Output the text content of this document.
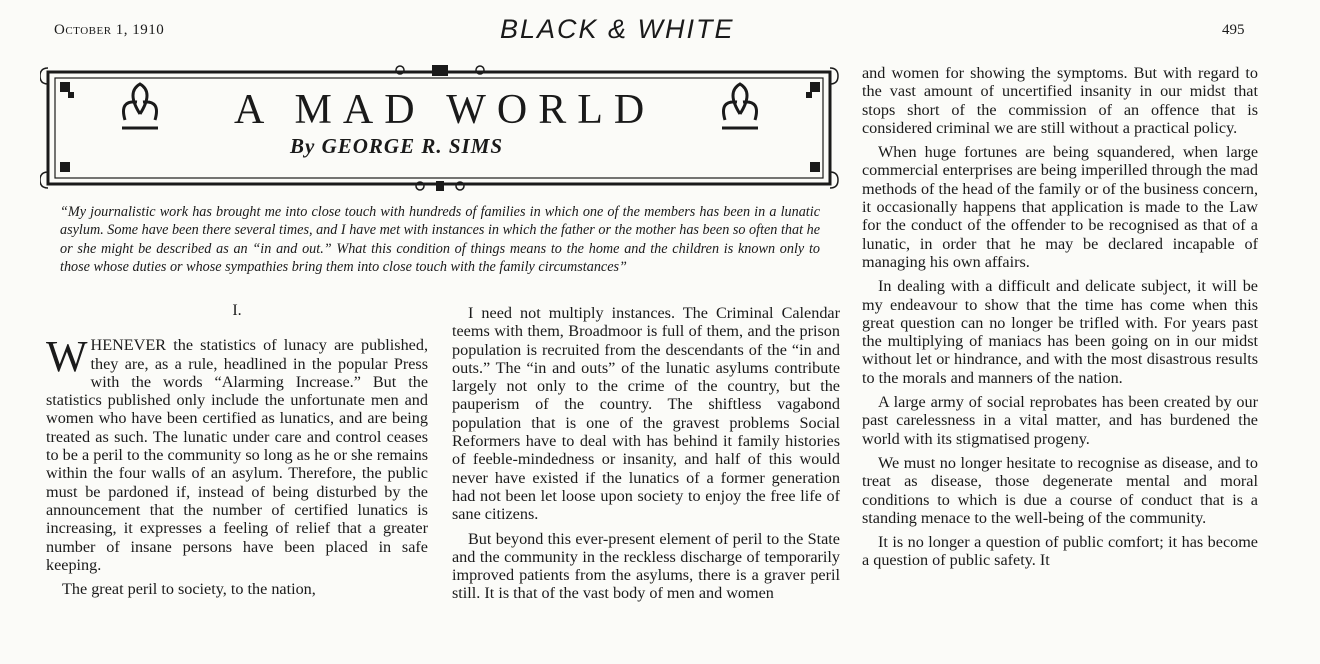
October 1, 1910	BLACK & WHITE	495
A MAD WORLD
By GEORGE R. SIMS

“My journalistic work has brought me into close touch with hundreds of families in which one of the members has been in a lunatic asylum. Some have been there several times, and I have met with instances in which the father or the mother has been so often that he or she might be described as an “in and out.” What this condition of things means to the home and the children is known only to those whose duties or whose sympathies bring them into close touch with the family circumstances”

I.

WHENEVER the statistics of lunacy are published, they are, as a rule, headlined in the popular Press with the words “Alarming Increase.” But the statistics published only include the unfortunate men and women who have been certified as lunatics, and are being treated as such. The lunatic under care and control ceases to be a peril to the community so long as he or she remains within the four walls of an asylum. Therefore, the public must be pardoned if, instead of being disturbed by the announcement that the number of certified lunatics is increasing, it expresses a feeling of relief that a greater number of insane persons have been placed in safe keeping.

The great peril to society, to the nation,

I need not multiply instances. The Criminal Calendar teems with them, Broadmoor is full of them, and the prison population is recruited from the descendants of the “in and outs.” The “in and outs” of the lunatic asylums contribute largely not only to the crime of the country, but the pauperism of the country. The shiftless vagabond population that is one of the gravest problems Social Reformers have to deal with has behind it family histories of feeble-mindedness or insanity, and half of this would never have existed if the lunatics of a former generation had not been let loose upon society to enjoy the free life of sane citizens.

But beyond this ever-present element of peril to the State and the community in the reckless discharge of temporarily improved patients from the asylums, there is a graver peril still. It is that of the vast body of men and women

and women for showing the symptoms. But with regard to the vast amount of uncertified insanity in our midst that stops short of the commission of an offence that is considered criminal we are still without a practical policy.

When huge fortunes are being squandered, when large commercial enterprises are being imperilled through the mad methods of the head of the family or of the business concern, it occasionally happens that application is made to the Law for the conduct of the offender to be recognised as that of a lunatic, in order that he may be declared incapable of managing his own affairs.

In dealing with a difficult and delicate subject, it will be my endeavour to show that the time has come when this great question can no longer be trifled with. For years past the multiplying of maniacs has been going on in our midst without let or hindrance, and with the most disastrous results to the morals and manners of the nation.

A large army of social reprobates has been created by our past carelessness in a vital matter, and has burdened the world with its stigmatised progeny.

We must no longer hesitate to recognise as disease, and to treat as disease, those degenerate mental and moral conditions to which is due a course of conduct that is a standing menace to the well-being of the community.

It is no longer a question of public comfort; it has become a question of public safety. It
